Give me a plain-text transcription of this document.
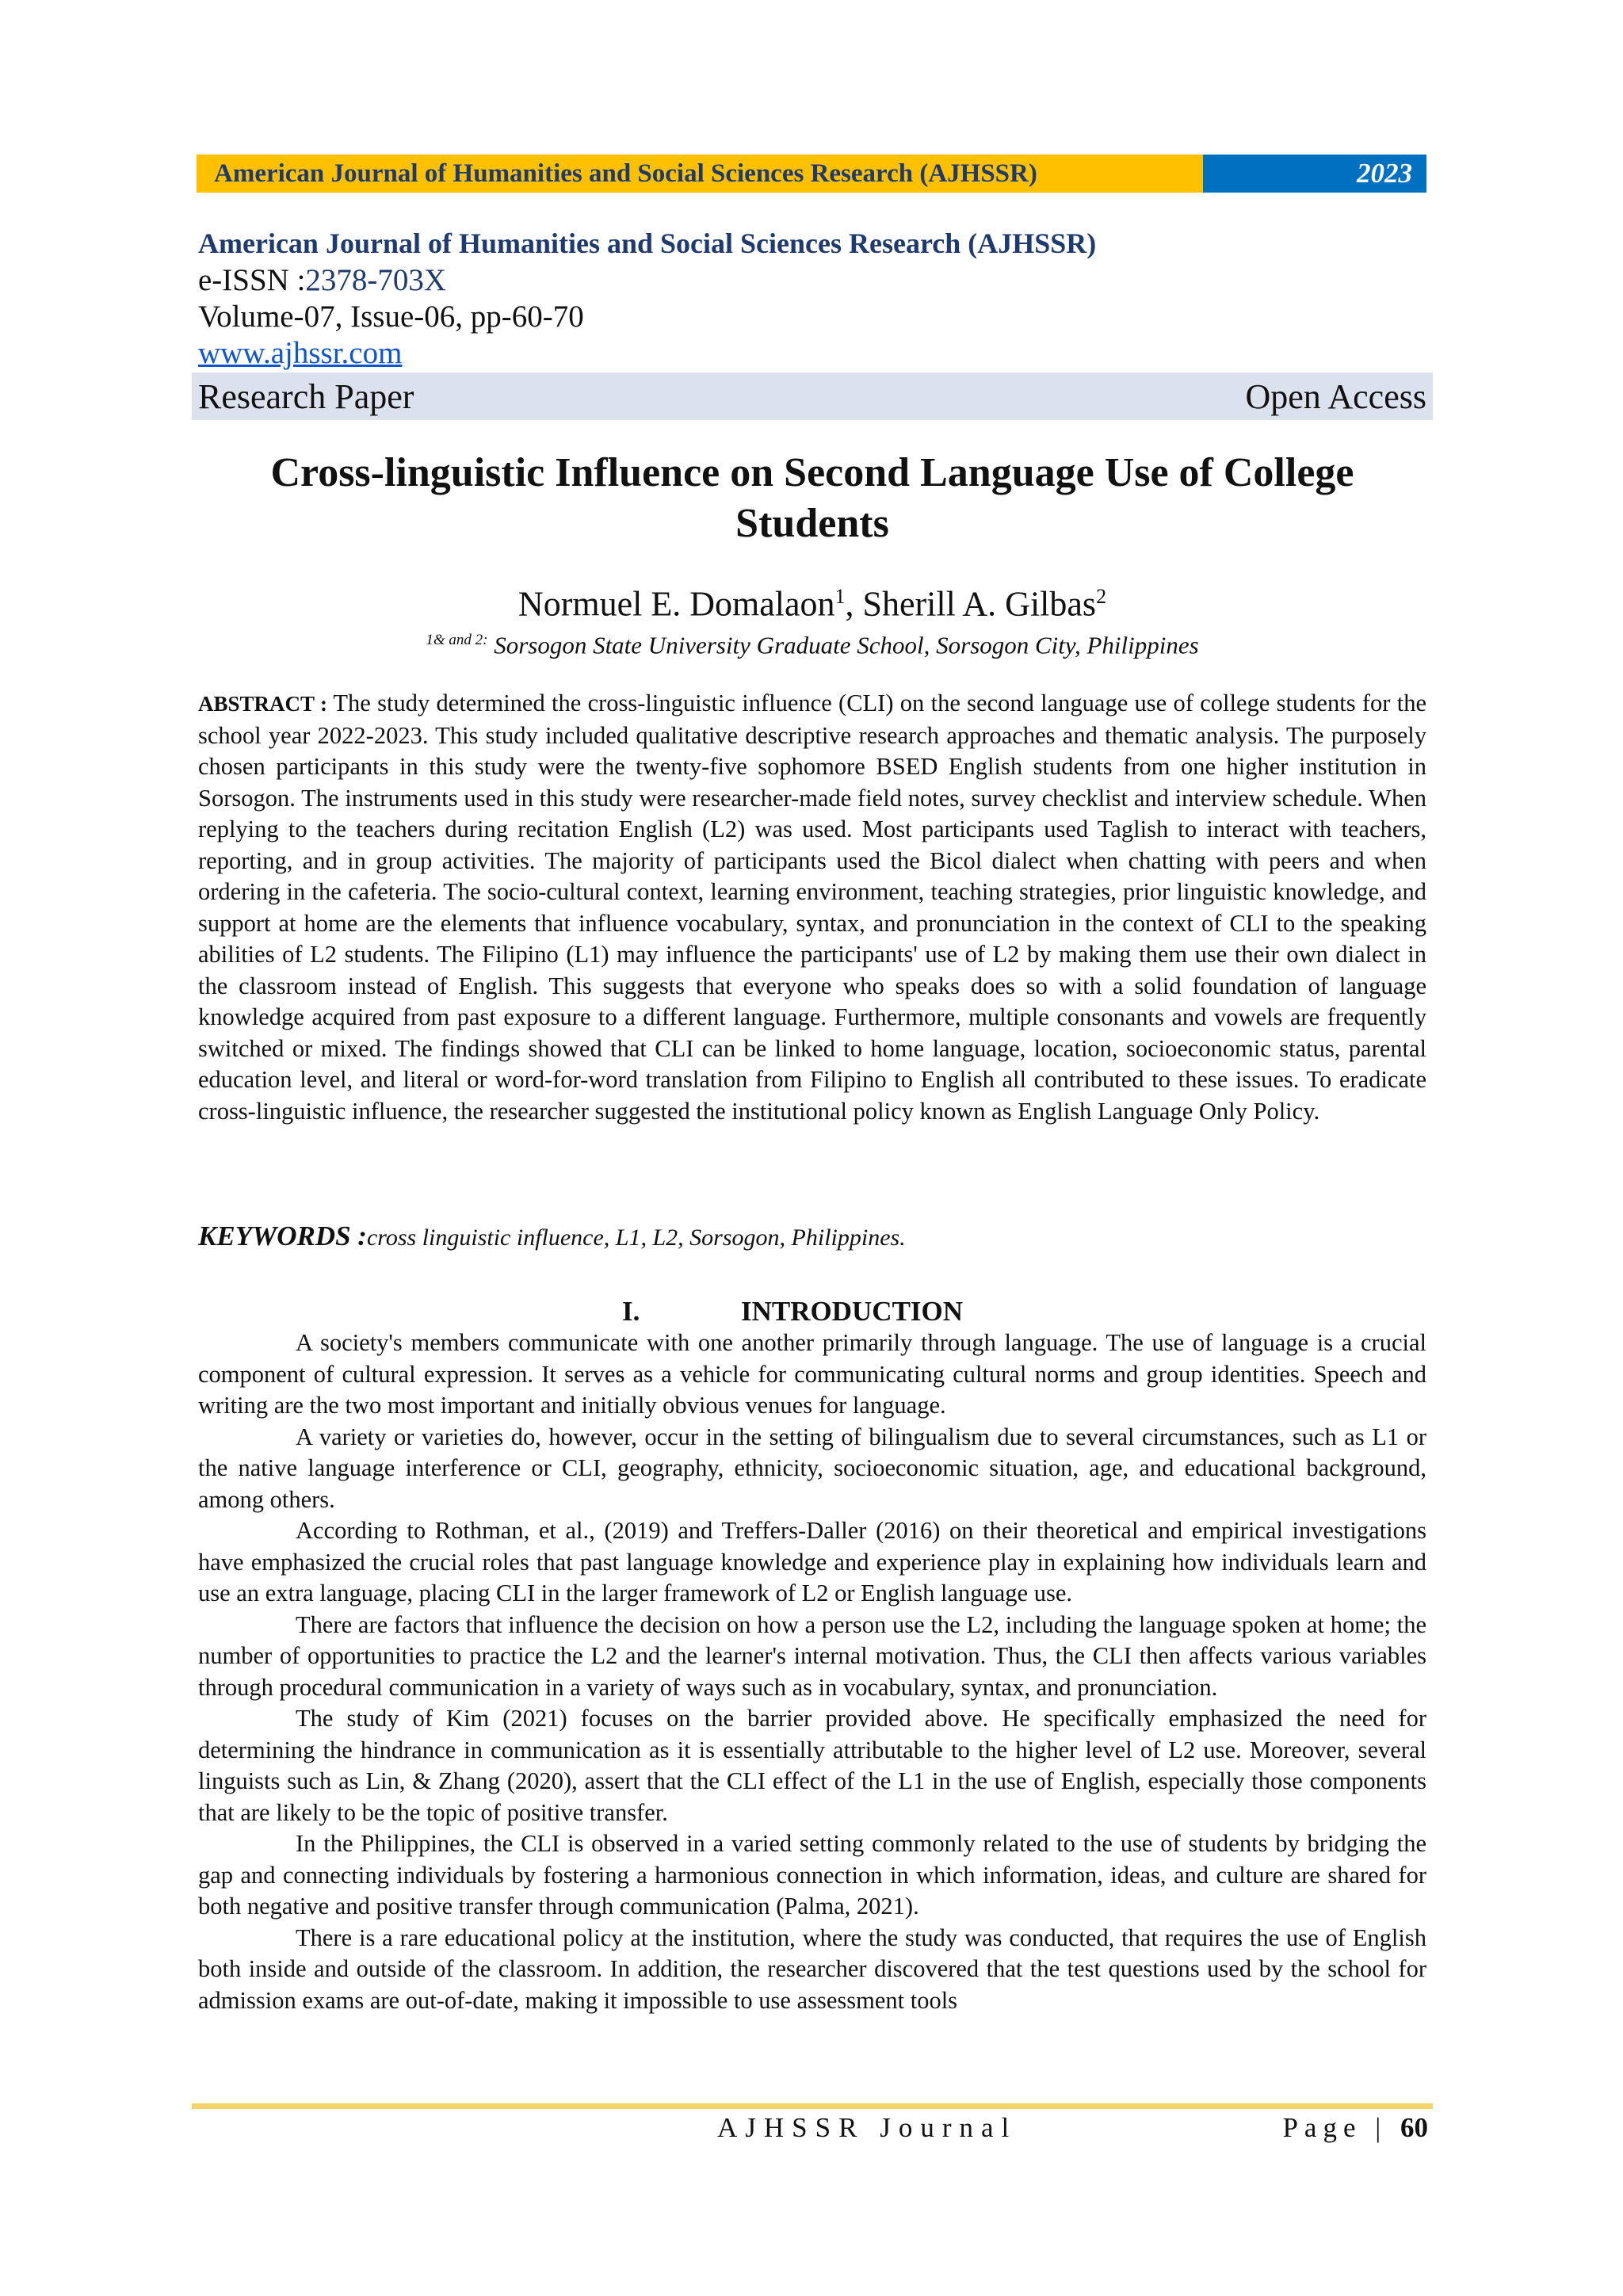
American Journal of Humanities and Social Sciences Research (AJHSSR)	2023
American Journal of Humanities and Social Sciences Research (AJHSSR)
e-ISSN :2378-703X
Volume-07, Issue-06, pp-60-70
www.ajhssr.com
Research Paper	Open Access
Cross-linguistic Influence on Second Language Use of College Students
Normuel E. Domalaon$^1$, Sherill A. Gilbas$^2$
$^{1\& and 2:}$ Sorsogon State University Graduate School, Sorsogon City, Philippines
ABSTRACT : The study determined the cross-linguistic influence (CLI) on the second language use of college students for the school year 2022-2023. This study included qualitative descriptive research approaches and thematic analysis. The purposely chosen participants in this study were the twenty-five sophomore BSED English students from one higher institution in Sorsogon. The instruments used in this study were researcher-made field notes, survey checklist and interview schedule. When replying to the teachers during recitation English (L2) was used. Most participants used Taglish to interact with teachers, reporting, and in group activities. The majority of participants used the Bicol dialect when chatting with peers and when ordering in the cafeteria. The socio-cultural context, learning environment, teaching strategies, prior linguistic knowledge, and support at home are the elements that influence vocabulary, syntax, and pronunciation in the context of CLI to the speaking abilities of L2 students. The Filipino (L1) may influence the participants' use of L2 by making them use their own dialect in the classroom instead of English. This suggests that everyone who speaks does so with a solid foundation of language knowledge acquired from past exposure to a different language. Furthermore, multiple consonants and vowels are frequently switched or mixed. The findings showed that CLI can be linked to home language, location, socioeconomic status, parental education level, and literal or word-for-word translation from Filipino to English all contributed to these issues. To eradicate cross-linguistic influence, the researcher suggested the institutional policy known as English Language Only Policy.
KEYWORDS :cross linguistic influence, L1, L2, Sorsogon, Philippines.
I.	INTRODUCTION

A society's members communicate with one another primarily through language. The use of language is a crucial component of cultural expression. It serves as a vehicle for communicating cultural norms and group identities. Speech and writing are the two most important and initially obvious venues for language.

A variety or varieties do, however, occur in the setting of bilingualism due to several circumstances, such as L1 or the native language interference or CLI, geography, ethnicity, socioeconomic situation, age, and educational background, among others.

According to Rothman, et al., (2019) and Treffers-Daller (2016) on their theoretical and empirical investigations have emphasized the crucial roles that past language knowledge and experience play in explaining how individuals learn and use an extra language, placing CLI in the larger framework of L2 or English language use.

There are factors that influence the decision on how a person use the L2, including the language spoken at home; the number of opportunities to practice the L2 and the learner's internal motivation. Thus, the CLI then affects various variables through procedural communication in a variety of ways such as in vocabulary, syntax, and pronunciation.

The study of Kim (2021) focuses on the barrier provided above. He specifically emphasized the need for determining the hindrance in communication as it is essentially attributable to the higher level of L2 use. Moreover, several linguists such as Lin, & Zhang (2020), assert that the CLI effect of the L1 in the use of English, especially those components that are likely to be the topic of positive transfer.

In the Philippines, the CLI is observed in a varied setting commonly related to the use of students by bridging the gap and connecting individuals by fostering a harmonious connection in which information, ideas, and culture are shared for both negative and positive transfer through communication (Palma, 2021).

There is a rare educational policy at the institution, where the study was conducted, that requires the use of English both inside and outside of the classroom. In addition, the researcher discovered that the test questions used by the school for admission exams are out-of-date, making it impossible to use assessment tools

AJHSSR Journal	Page | 60
